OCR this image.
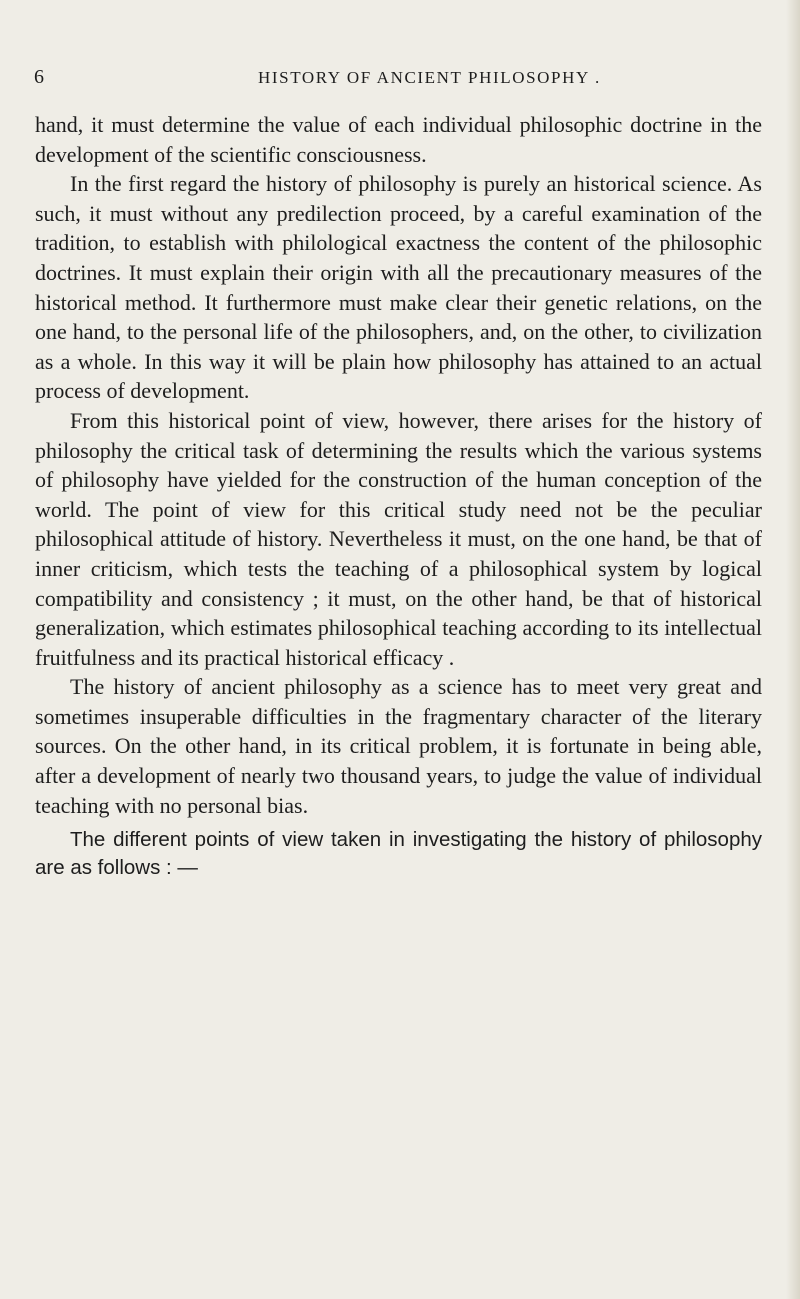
6	HISTORY OF ANCIENT PHILOSOPHY .

hand, it must determine the value of each individual philosophic doctrine in the development of the scientific consciousness.

In the first regard the history of philosophy is purely an historical science. As such, it must without any predilection proceed, by a careful examination of the tradition, to establish with philological exactness the content of the philosophic doctrines. It must explain their origin with all the precautionary measures of the historical method. It furthermore must make clear their genetic relations, on the one hand, to the personal life of the philosophers, and, on the other, to civilization as a whole. In this way it will be plain how philosophy has attained to an actual process of development.

From this historical point of view, however, there arises for the history of philosophy the critical task of determining the results which the various systems of philosophy have yielded for the construction of the human conception of the world. The point of view for this critical study need not be the peculiar philosophical attitude of history. Nevertheless it must, on the one hand, be that of inner criticism, which tests the teaching of a philosophical system by logical compatibility and consistency ; it must, on the other hand, be that of historical generalization, which estimates philosophical teaching according to its intellectual fruitfulness and its practical historical efficacy .

The history of ancient philosophy as a science has to meet very great and sometimes insuperable difficulties in the fragmentary character of the literary sources. On the other hand, in its critical problem, it is fortunate in being able, after a development of nearly two thousand years, to judge the value of individual teaching with no personal bias.

The different points of view taken in investigating the history of philosophy are as follows : —
